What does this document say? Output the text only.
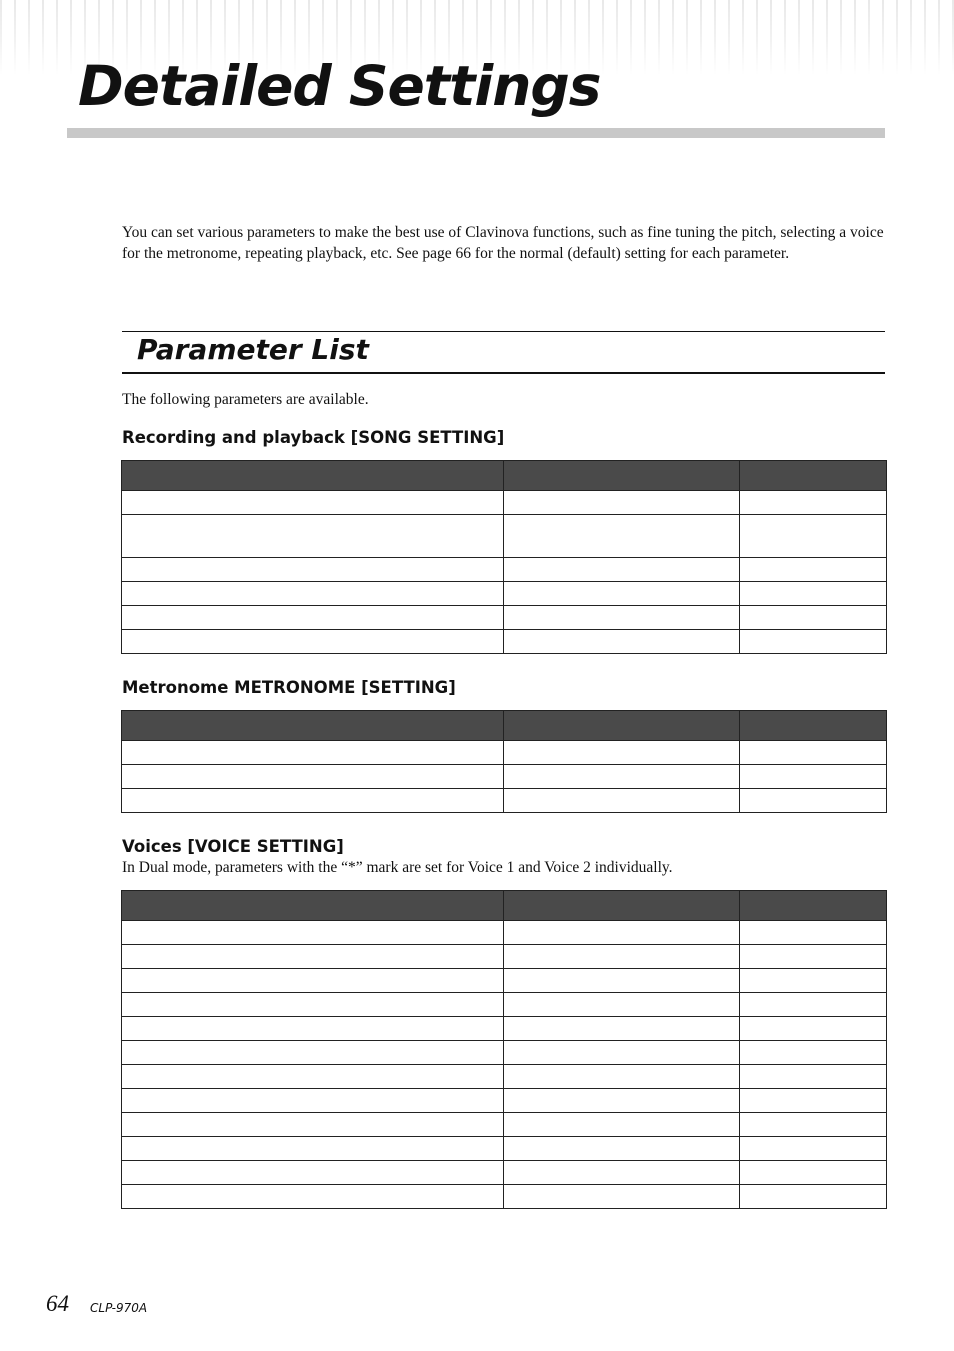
Detailed Settings

You can set various parameters to make the best use of Clavinova functions, such as fine tuning the pitch, selecting a voice for the metronome, repeating playback, etc. See page 66 for the normal (default) setting for each parameter.

Parameter List

The following parameters are available.

Recording and playback [SONG SETTING]

Metronome METRONOME [SETTING]

Voices [VOICE SETTING]

In Dual mode, parameters with the “*” mark are set for Voice 1 and Voice 2 individually.

64 CLP-970A
